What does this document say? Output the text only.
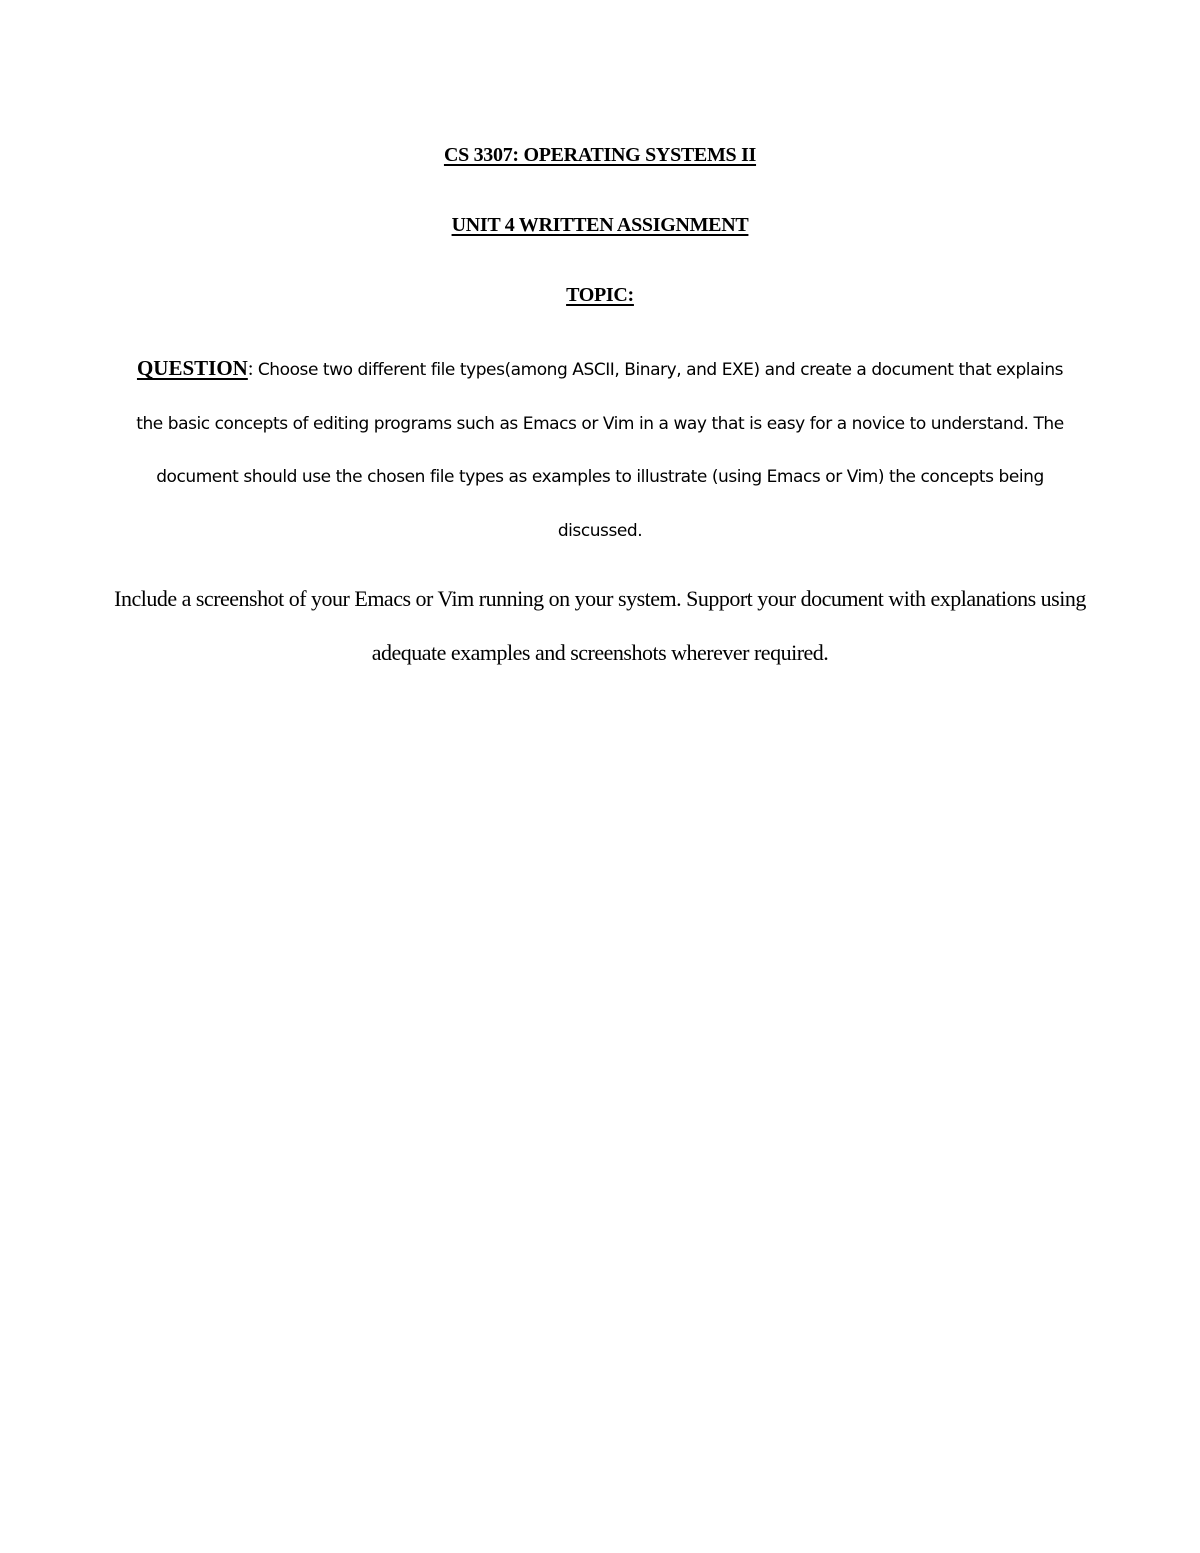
CS 3307: OPERATING SYSTEMS II
UNIT 4 WRITTEN ASSIGNMENT
TOPIC:
QUESTION: Choose two different file types(among ASCII, Binary, and EXE) and create a document that explains the basic concepts of editing programs such as Emacs or Vim in a way that is easy for a novice to understand. The document should use the chosen file types as examples to illustrate (using Emacs or Vim) the concepts being discussed.
Include a screenshot of your Emacs or Vim running on your system. Support your document with explanations using adequate examples and screenshots wherever required.
